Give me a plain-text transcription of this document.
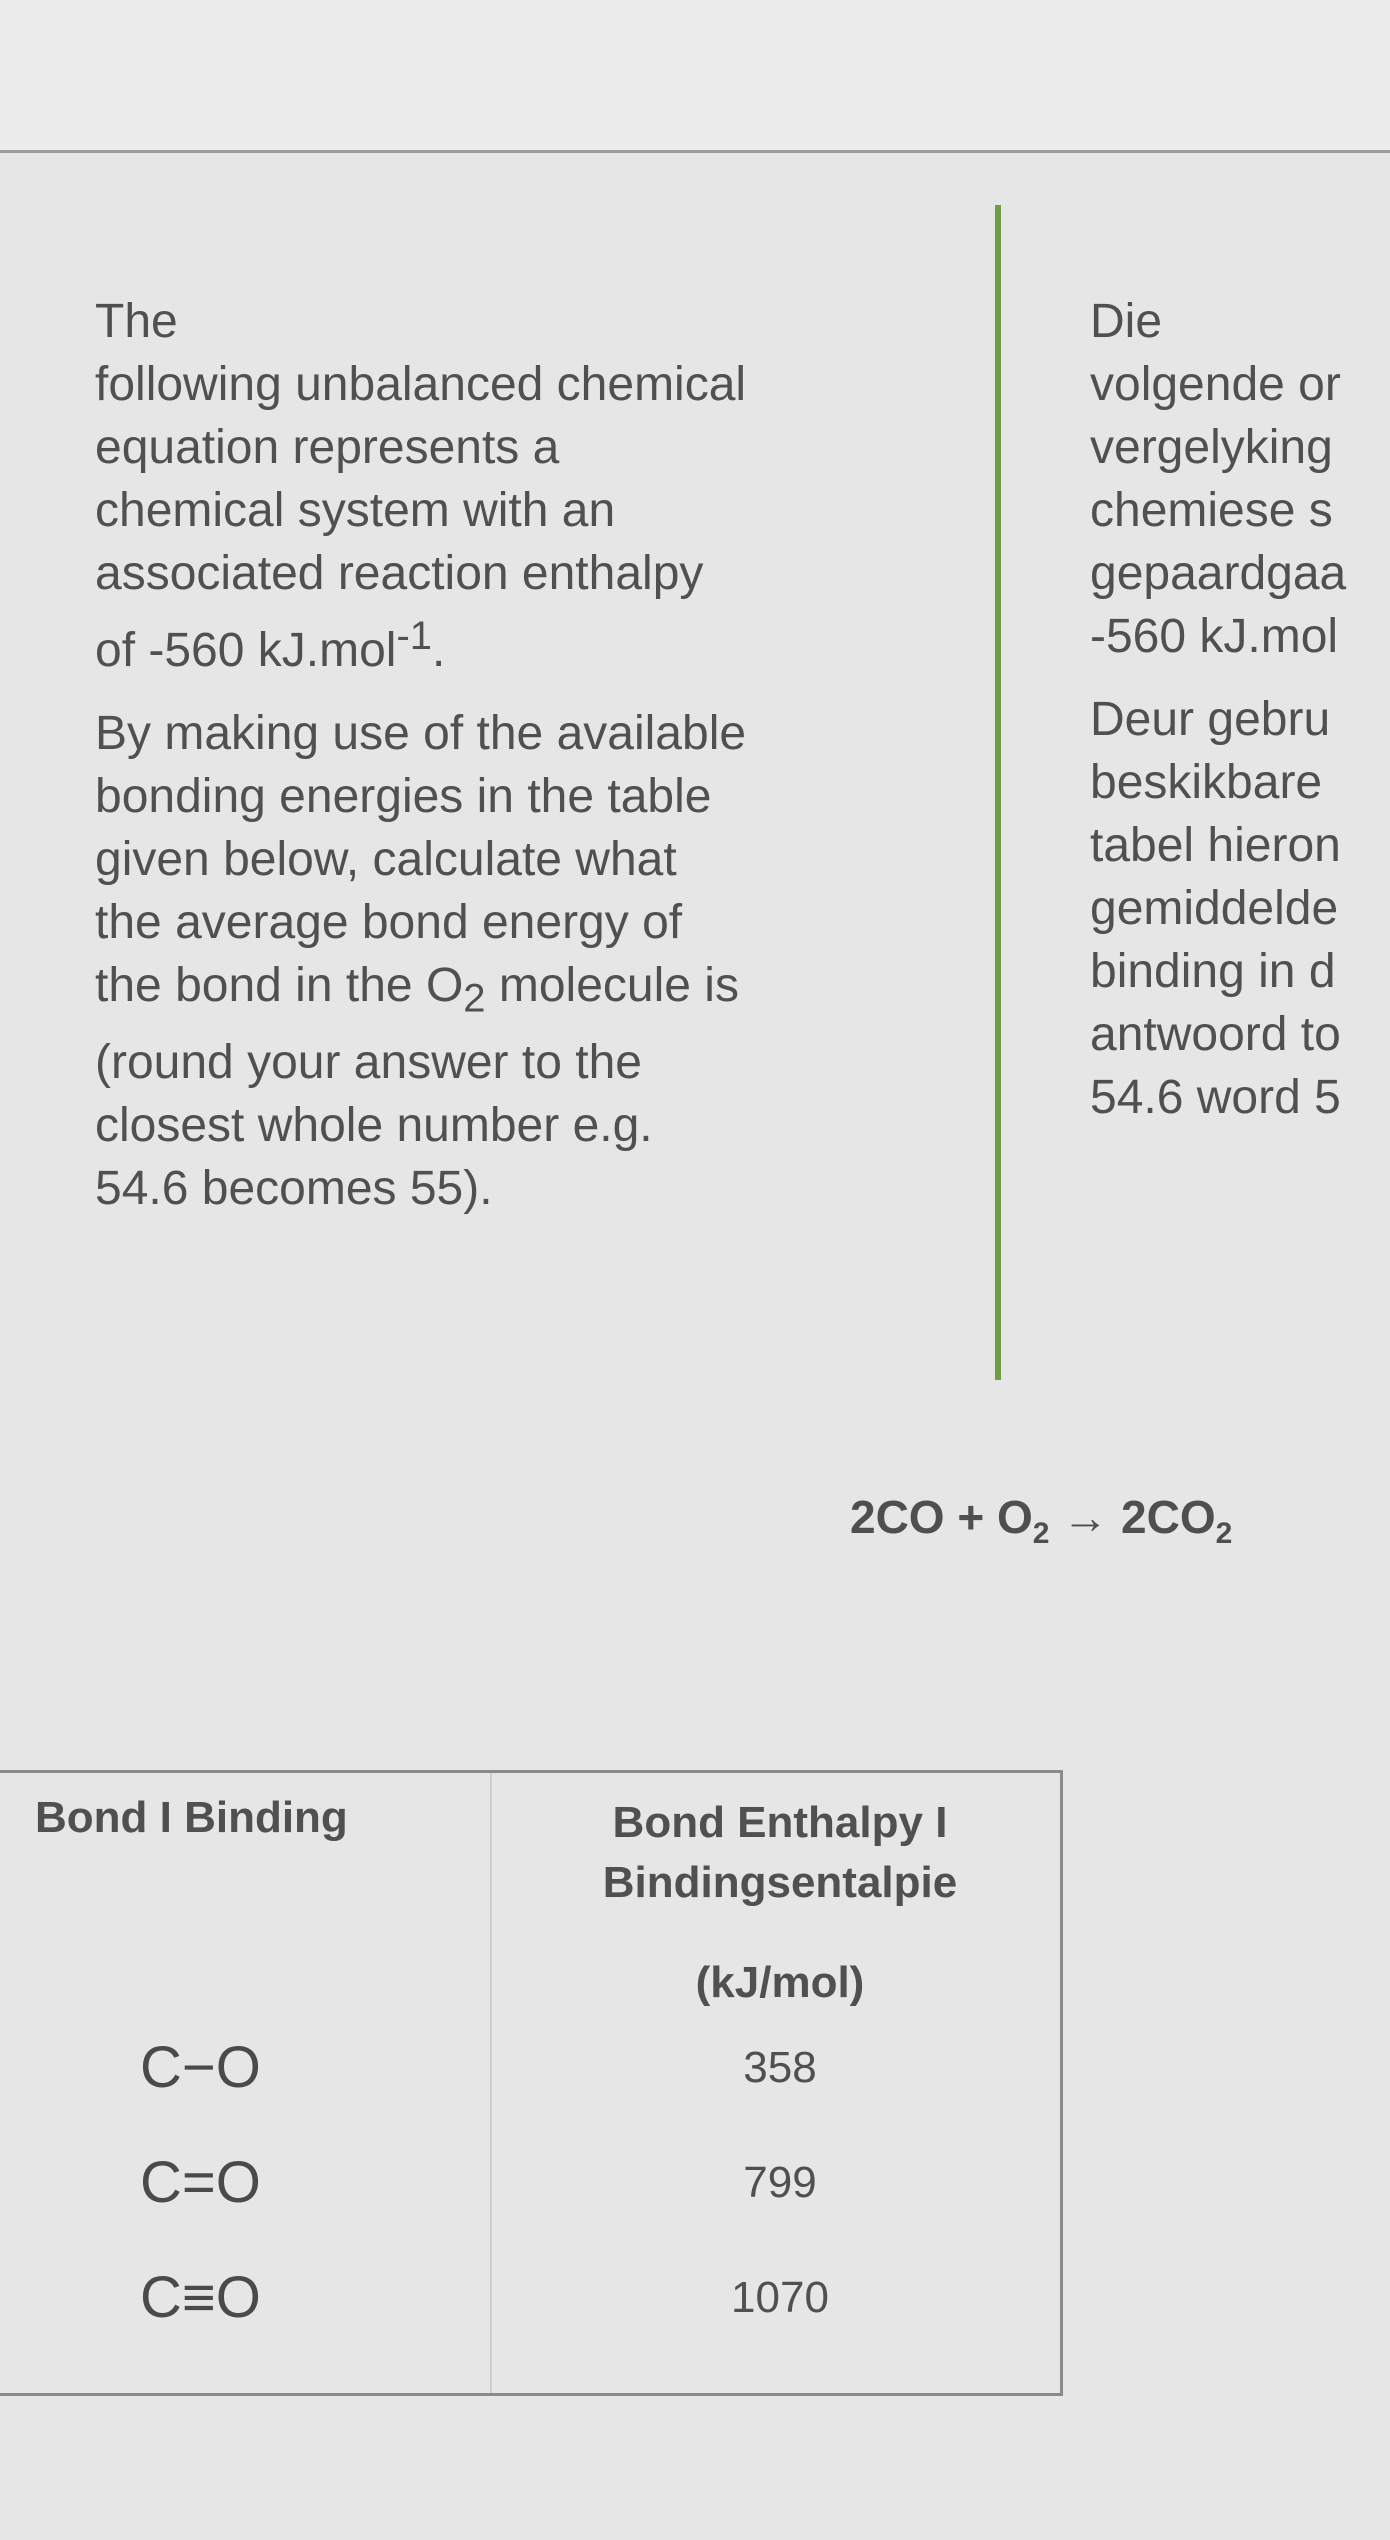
The
following unbalanced chemical
equation represents a
chemical system with an
associated reaction enthalpy
of -560 kJ.mol$^{-1}$.

By making use of the available
bonding energies in the table
given below, calculate what
the average bond energy of
the bond in the $O_2$ molecule is
(round your answer to the
closest whole number e.g.
54.6 becomes 55).

Die
volgende or
vergelyking
chemiese s
gepaardgaa
-560 kJ.mol

Deur gebru
beskikbare
tabel hieron
gemiddelde
binding in d
antwoord to
54.6 word 5

$2CO + O_2 \to 2CO_2$
Bond I Binding	Bond Enthalpy I Bindingsentalpie
(kJ/mol)
C−O	358
C=O	799
C≡O	1070
